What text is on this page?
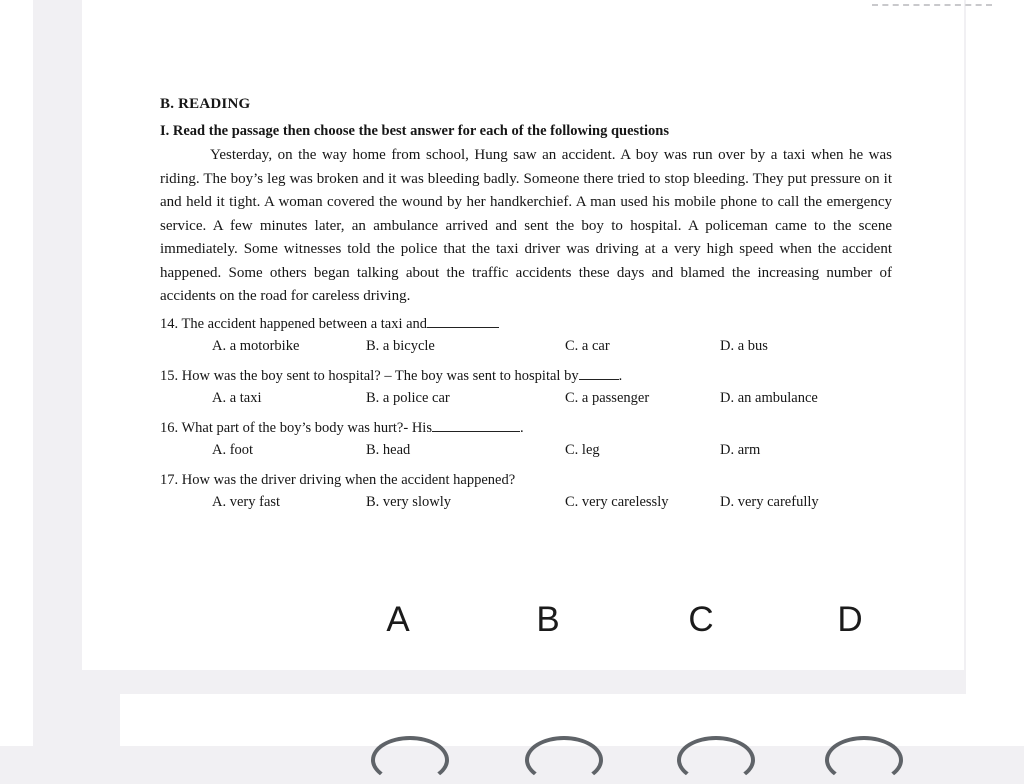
B. READING
I. Read the passage then choose the best answer for each of the following questions

Yesterday, on the way home from school, Hung saw an accident. A boy was run over by a taxi when he was riding. The boy’s leg was broken and it was bleeding badly. Someone there tried to stop bleeding. They put pressure on it and held it tight. A woman covered the wound by her handkerchief. A man used his mobile phone to call the emergency service. A few minutes later, an ambulance arrived and sent the boy to hospital. A policeman came to the scene immediately. Some witnesses told the police that the taxi driver was driving at a very high speed when the accident happened. Some others began talking about the traffic accidents these days and blamed the increasing number of accidents on the road for careless driving.

14. The accident happened between a taxi and
A. a motorbike	B. a bicycle	C. a car	D. a bus
15. How was the boy sent to hospital? – The boy was sent to hospital by	.
A. a taxi	B. a police car	C. a passenger	D. an ambulance
16. What part of the boy’s body was hurt?- His	.
A. foot	B. head	C. leg	D. arm
17. How was the driver driving when the accident happened?
A. very fast	B. very slowly	C. very carelessly	D. very carefully
A	B	C	D
